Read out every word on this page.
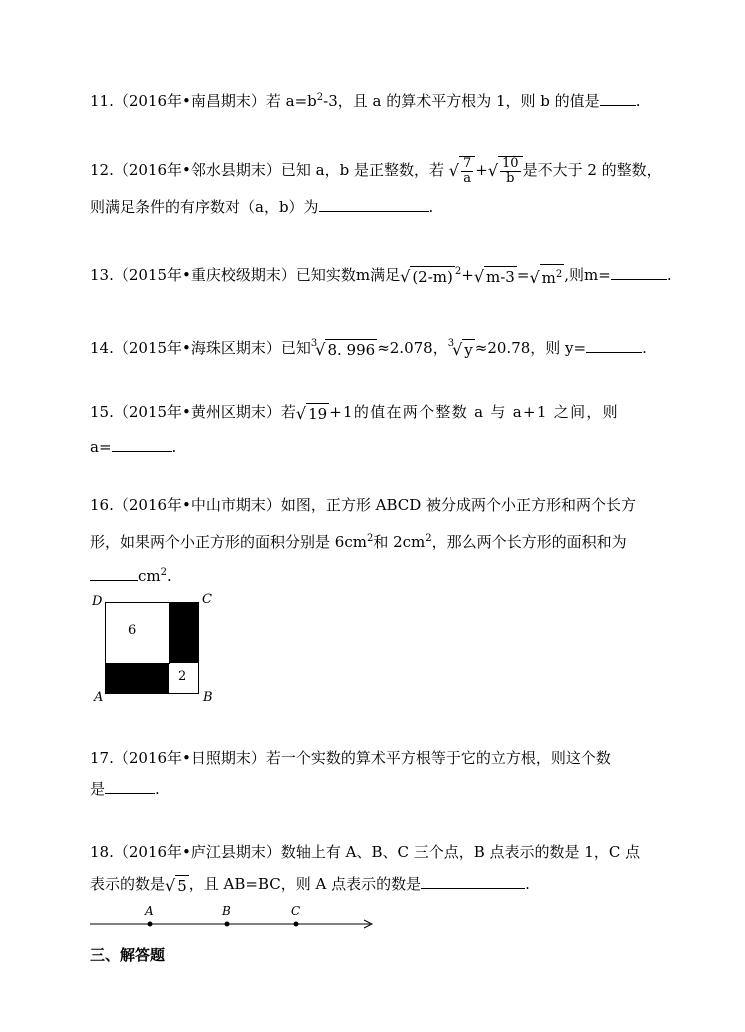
11.（2016年•南昌期末）若 $a=b^2-3$，且 a 的算术平方根为 1，则 b 的值是 .
12.（2016年•邻水县期末）已知 a，b 是正整数，若 √ $\frac{7}{a}$ +√ $\frac{10}{b}$ 是不大于 2 的整数，
则满足条件的有序数对（a，b）为	.
13.（2015年•重庆校级期末）已知实数m满足√ (2-m) $^2$+√ m-3 =√ $m^2$ ,则m=	.
14.（2015年•海珠区期末）已知$^3$√ 8. 996 ≈2.078，$^3$√ y ≈20.78，则 y=	.
15.（2015年•黄州区期末）若√ 19 +1的值在两个整数 a 与 a+1 之间，则
a=	.
16.（2016年•中山市期末）如图，正方形 ABCD 被分成两个小正方形和两个长方
形，如果两个小正方形的面积分别是 $6cm^2$和 $2cm^2$，那么两个长方形的面积和为
$cm^2$.
6
2
D	C
A	B
17.（2016年•日照期末）若一个实数的算术平方根等于它的立方根，则这个数
是	.
18.（2016年•庐江县期末）数轴上有 A、B、C 三个点，B 点表示的数是 1，C 点
表示的数是√ 5 ，且 AB=BC，则 A 点表示的数是	.
A	B	C
三、解答题
